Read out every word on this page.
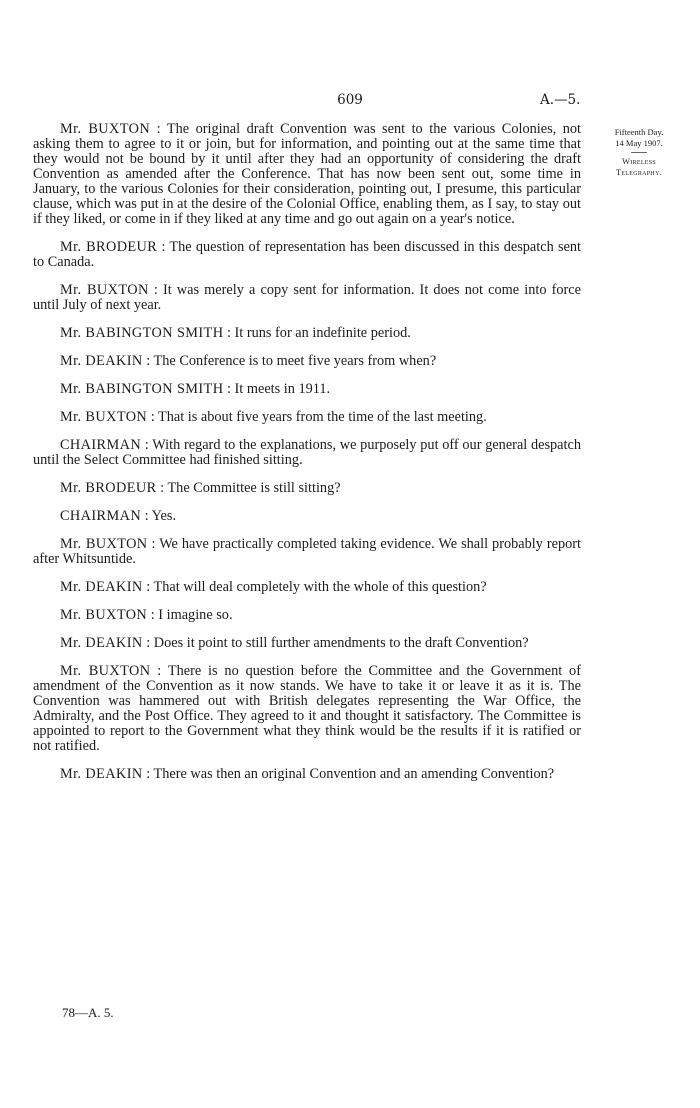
609	A.—5.
Fifteenth Day.
14 May 1907.
Wireless
Telegraphy.

Mr. BUXTON : The original draft Convention was sent to the various Colonies, not asking them to agree to it or join, but for information, and pointing out at the same time that they would not be bound by it until after they had an opportunity of considering the draft Convention as amended after the Conference. That has now been sent out, some time in January, to the various Colonies for their consideration, pointing out, I presume, this particular clause, which was put in at the desire of the Colonial Office, enabling them, as I say, to stay out if they liked, or come in if they liked at any time and go out again on a year's notice.

Mr. BRODEUR : The question of representation has been discussed in this despatch sent to Canada.

Mr. BUXTON : It was merely a copy sent for information. It does not come into force until July of next year.

Mr. BABINGTON SMITH : It runs for an indefinite period.

Mr. DEAKIN : The Conference is to meet five years from when?

Mr. BABINGTON SMITH : It meets in 1911.

Mr. BUXTON : That is about five years from the time of the last meeting.

CHAIRMAN : With regard to the explanations, we purposely put off our general despatch until the Select Committee had finished sitting.

Mr. BRODEUR : The Committee is still sitting?

CHAIRMAN : Yes.

Mr. BUXTON : We have practically completed taking evidence. We shall probably report after Whitsuntide.

Mr. DEAKIN : That will deal completely with the whole of this question?

Mr. BUXTON : I imagine so.

Mr. DEAKIN : Does it point to still further amendments to the draft Convention?

Mr. BUXTON : There is no question before the Committee and the Government of amendment of the Convention as it now stands. We have to take it or leave it as it is. The Convention was hammered out with British delegates representing the War Office, the Admiralty, and the Post Office. They agreed to it and thought it satisfactory. The Committee is appointed to report to the Government what they think would be the results if it is ratified or not ratified.

Mr. DEAKIN : There was then an original Convention and an amending Convention?

78—A. 5.
